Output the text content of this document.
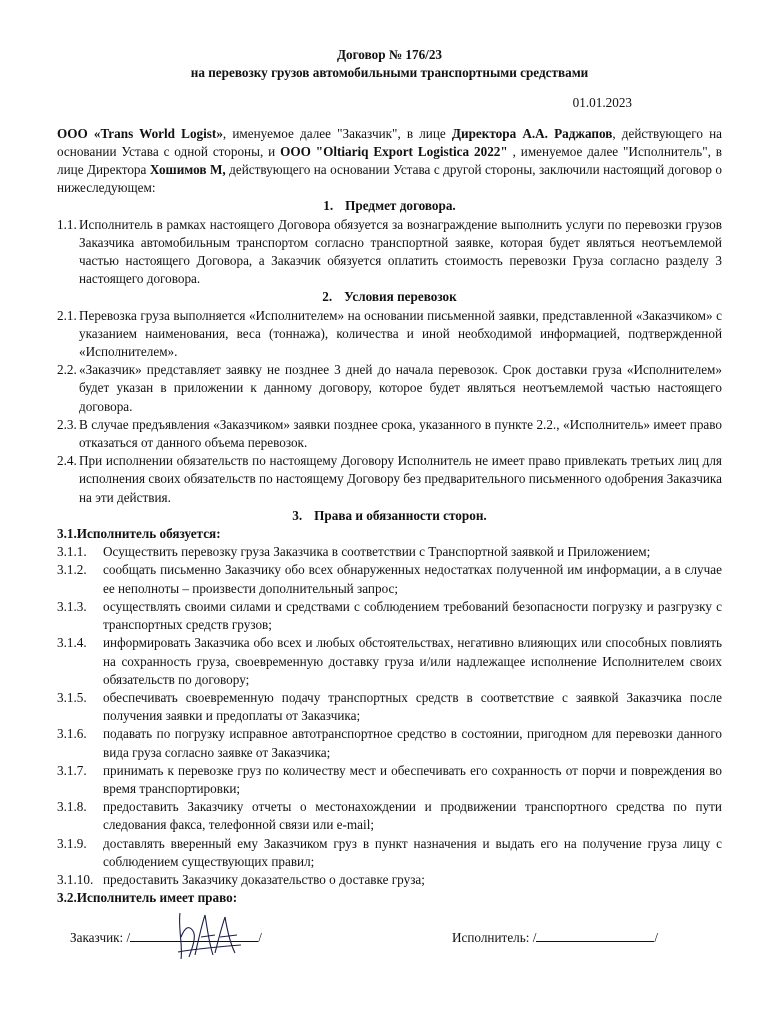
Договор № 176/23

на перевозку грузов автомобильными транспортными средствами

01.01.2023
ООО «Trans World Logist», именуемое далее "Заказчик", в лице Директора А.А. Раджапов, действующего на основании Устава с одной стороны, и ООО "Oltiariq Export Logistica 2022" , именуемое далее "Исполнитель", в лице Директора Хошимов М, действующего на основании Устава с другой стороны, заключили настоящий договор о нижеследующем:
1. Предмет договора.
1.1. Исполнитель в рамках настоящего Договора обязуется за вознаграждение выполнить услуги по перевозки грузов Заказчика автомобильным транспортом согласно транспортной заявке, которая будет являться неотъемлемой частью настоящего Договора, а Заказчик обязуется оплатить стоимость перевозки Груза согласно разделу 3 настоящего договора.
2. Условия перевозок
2.1. Перевозка груза выполняется «Исполнителем» на основании письменной заявки, представленной «Заказчиком» с указанием наименования, веса (тоннажа), количества и иной необходимой информацией, подтвержденной «Исполнителем».
2.2. «Заказчик» представляет заявку не позднее 3 дней до начала перевозок. Срок доставки груза «Исполнителем» будет указан в приложении к данному договору, которое будет являться неотъемлемой частью настоящего договора.
2.3. В случае предъявления «Заказчиком» заявки позднее срока, указанного в пункте 2.2., «Исполнитель» имеет право отказаться от данного объема перевозок.
2.4. При исполнении обязательств по настоящему Договору Исполнитель не имеет право привлекать третьих лиц для исполнения своих обязательств по настоящему Договору без предварительного письменного одобрения Заказчика на эти действия.
3. Права и обязанности сторон.
3.1.Исполнитель обязуется:
3.1.1.	Осуществить перевозку груза Заказчика в соответствии с Транспортной заявкой и Приложением;
3.1.2.	сообщать письменно Заказчику обо всех обнаруженных недостатках полученной им информации, а в случае ее неполноты – произвести дополнительный запрос;
3.1.3.	осуществлять своими силами и средствами с соблюдением требований безопасности погрузку и разгрузку с транспортных средств грузов;
3.1.4.	информировать Заказчика обо всех и любых обстоятельствах, негативно влияющих или способных повлиять на сохранность груза, своевременную доставку груза и/или надлежащее исполнение Исполнителем своих обязательств по договору;
3.1.5.	обеспечивать своевременную подачу транспортных средств в соответствие с заявкой Заказчика после получения заявки и предоплаты от Заказчика;
3.1.6.	подавать по погрузку исправное автотранспортное средство в состоянии, пригодном для перевозки данного вида груза согласно заявке от Заказчика;
3.1.7.	принимать к перевозке груз по количеству мест и обеспечивать его сохранность от порчи и повреждения во время транспортировки;
3.1.8.	предоставить Заказчику отчеты о местонахождении и продвижении транспортного средства по пути следования факса, телефонной связи или e-mail;
3.1.9.	доставлять вверенный ему Заказчиком груз в пункт назначения и выдать его на получение груза лицу с соблюдением существующих правил;
3.1.10. предоставить Заказчику доказательство о доставке груза;
3.2.Исполнитель имеет право:
Заказчик: /	/	Исполнитель: /	/
